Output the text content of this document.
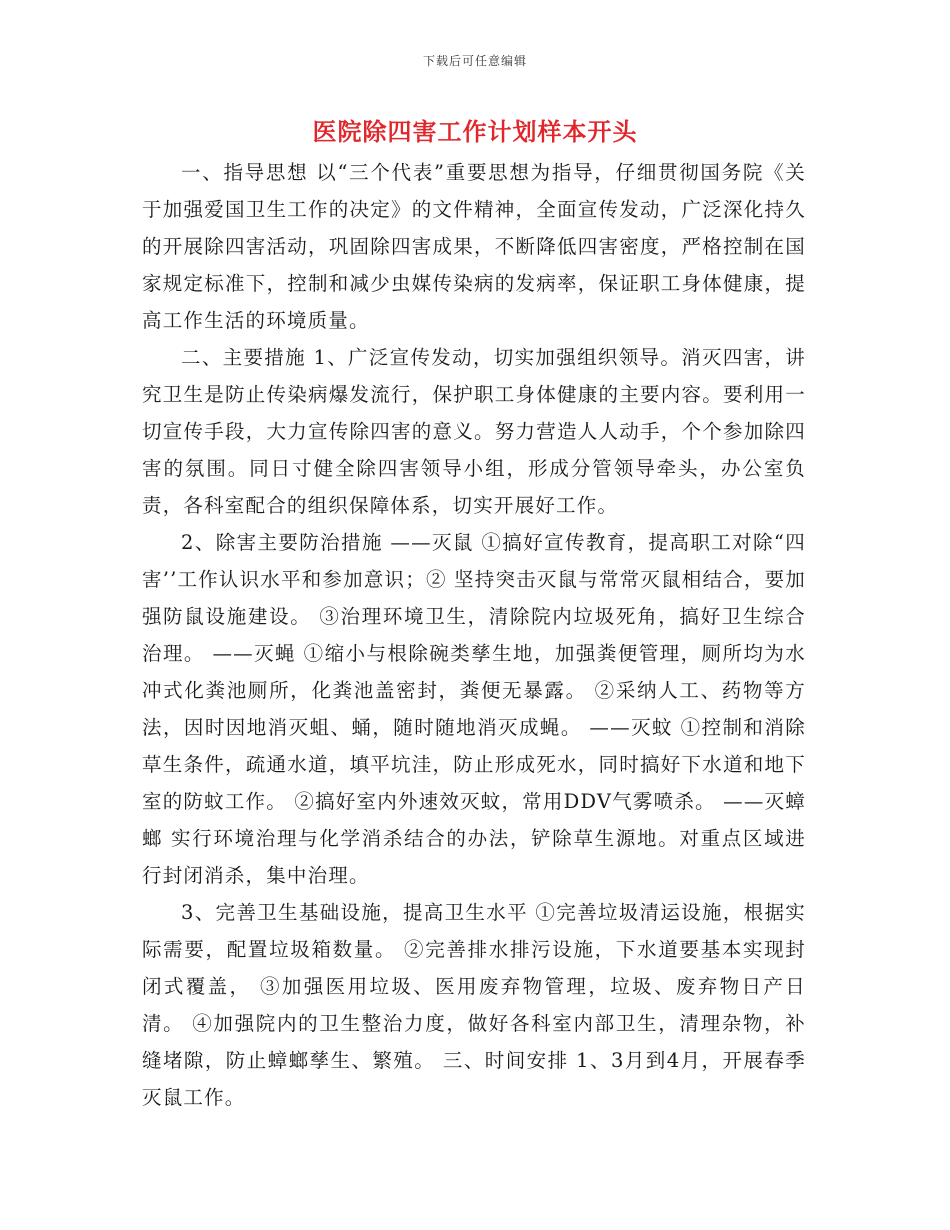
下载后可任意编辑
医院除四害工作计划样本开头

一、指导思想 以“三个代表”重要思想为指导，仔细贯彻国务院《关于加强爱国卫生工作的决定》的文件精神，全面宣传发动，广泛深化持久的开展除四害活动，巩固除四害成果，不断降低四害密度，严格控制在国家规定标准下，控制和减少虫媒传染病的发病率，保证职工身体健康，提高工作生活的环境质量。

二、主要措施 1、广泛宣传发动，切实加强组织领导。消灭四害，讲究卫生是防止传染病爆发流行，保护职工身体健康的主要内容。要利用一切宣传手段，大力宣传除四害的意义。努力营造人人动手，个个参加除四害的氛围。同日寸健全除四害领导小组，形成分管领导牵头，办公室负责，各科室配合的组织保障体系，切实开展好工作。

2、除害主要防治措施 ——灭鼠 ①搞好宣传教育，提高职工对除“四害’’工作认识水平和参加意识；② 坚持突击灭鼠与常常灭鼠相结合，要加强防鼠设施建设。 ③治理环境卫生，清除院内垃圾死角，搞好卫生综合治理。 ——灭蝇 ①缩小与根除碗类孳生地，加强粪便管理，厕所均为水冲式化粪池厕所，化粪池盖密封，粪便无暴露。 ②采纳人工、药物等方法，因时因地消灭蛆、蛹，随时随地消灭成蝇。 ——灭蚊 ①控制和消除草生条件，疏通水道，填平坑洼，防止形成死水，同时搞好下水道和地下室的防蚊工作。 ②搞好室内外速效灭蚊，常用DDV气雾喷杀。 ——灭蟑螂 实行环境治理与化学消杀结合的办法，铲除草生源地。对重点区域进行封闭消杀，集中治理。

3、完善卫生基础设施，提高卫生水平 ①完善垃圾清运设施，根据实际需要，配置垃圾箱数量。 ②完善排水排污设施，下水道要基本实现封闭式覆盖， ③加强医用垃圾、医用废弃物管理，垃圾、废弃物日产日清。 ④加强院内的卫生整治力度，做好各科室内部卫生，清理杂物，补缝堵隙，防止蟑螂孳生、繁殖。 三、时间安排 1、3月到4月，开展春季灭鼠工作。
